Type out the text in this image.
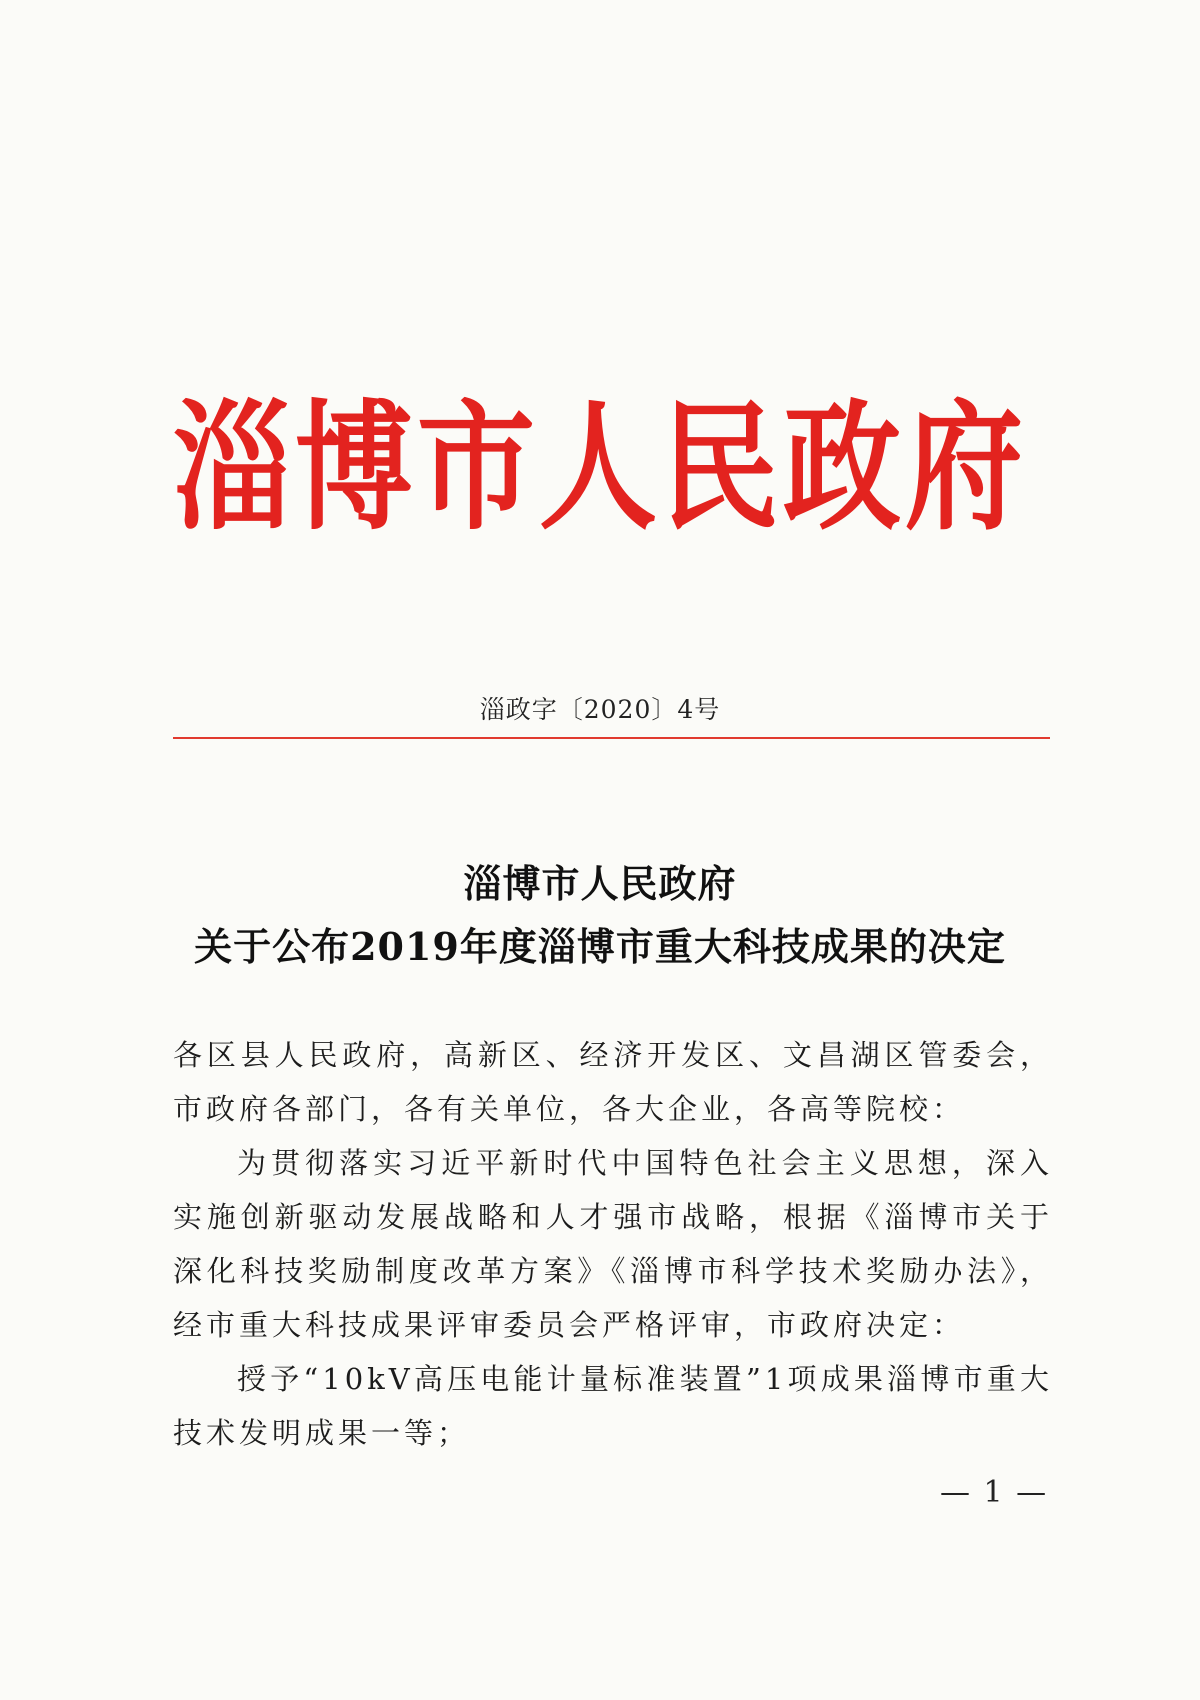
淄博市人民政府
淄政字〔2020〕4号
淄博市人民政府
关于公布2019年度淄博市重大科技成果的决定

各区县人民政府，高新区、经济开发区、文昌湖区管委会，市政府各部门，各有关单位，各大企业，各高等院校：

为贯彻落实习近平新时代中国特色社会主义思想，深入实施创新驱动发展战略和人才强市战略，根据《淄博市关于深化科技奖励制度改革方案》《淄博市科学技术奖励办法》，经市重大科技成果评审委员会严格评审，市政府决定：

授予“10kV高压电能计量标准装置”1项成果淄博市重大技术发明成果一等；

— 1 —
